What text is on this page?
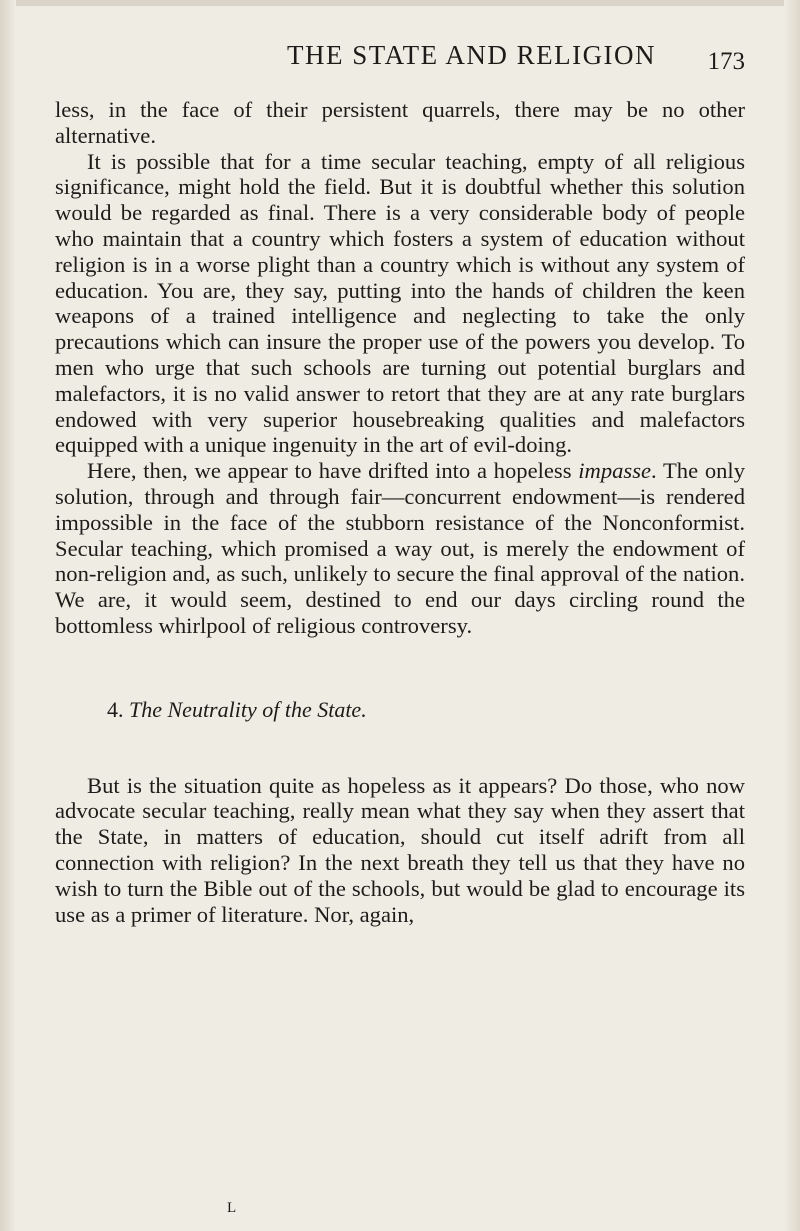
THE STATE AND RELIGION 173

less, in the face of their persistent quarrels, there may be no other alternative.

It is possible that for a time secular teaching, empty of all religious significance, might hold the field. But it is doubtful whether this solution would be regarded as final. There is a very considerable body of people who maintain that a country which fosters a system of education without religion is in a worse plight than a country which is without any system of education. You are, they say, putting into the hands of children the keen weapons of a trained intelligence and neglecting to take the only precautions which can insure the proper use of the powers you develop. To men who urge that such schools are turning out potential burglars and malefactors, it is no valid answer to retort that they are at any rate burglars endowed with very superior housebreaking qualities and malefactors equipped with a unique ingenuity in the art of evil-doing.

Here, then, we appear to have drifted into a hopeless impasse. The only solution, through and through fair—concurrent endowment—is rendered impossible in the face of the stubborn resistance of the Nonconformist. Secular teaching, which promised a way out, is merely the endowment of non-religion and, as such, unlikely to secure the final approval of the nation. We are, it would seem, destined to end our days circling round the bottomless whirlpool of religious controversy.

4. The Neutrality of the State.

But is the situation quite as hopeless as it appears? Do those, who now advocate secular teaching, really mean what they say when they assert that the State, in matters of education, should cut itself adrift from all connection with religion? In the next breath they tell us that they have no wish to turn the Bible out of the schools, but would be glad to encourage its use as a primer of literature. Nor, again,

L
